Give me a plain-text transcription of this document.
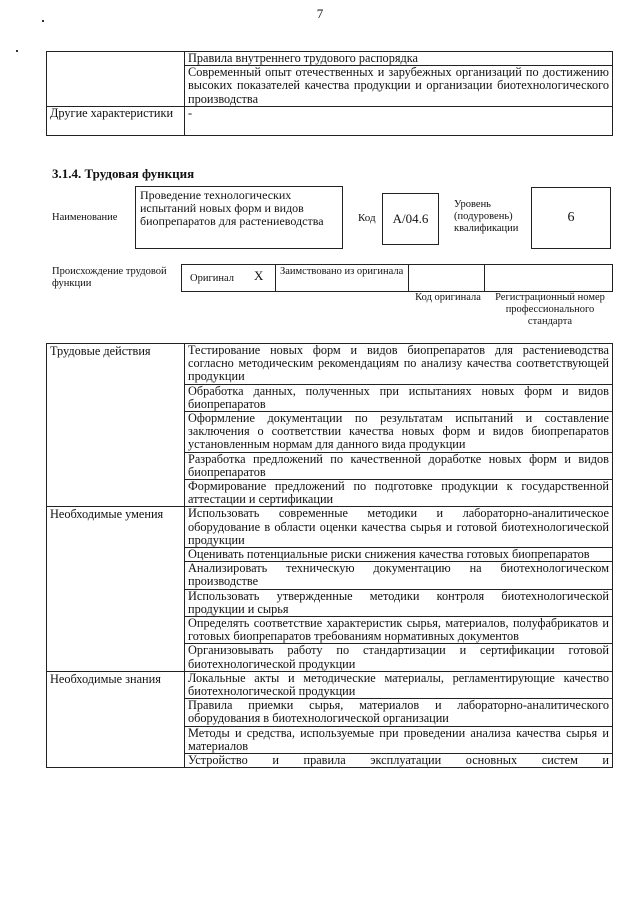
7
	Правила внутреннего трудового распорядка
	Современный опыт отечественных и зарубежных организаций по достижению высоких показателей качества продукции и организации биотехнологического производства
Другие характеристики	-
3.1.4. Трудовая функция
Наименование
Проведение технологических испытаний новых форм и видов биопрепаратов для растениеводства	Код	А/04.6
Уровень (подуровень) квалификации
6
Происхождение трудовой функции	Оригинал X	Заимствовано из оригинала
Код оригинала	Регистрационный номер профессионального стандарта
Трудовые действия	Тестирование новых форм и видов биопрепаратов для растениеводства согласно методическим рекомендациям по анализу качества соответствующей продукции
	Обработка данных, полученных при испытаниях новых форм и видов биопрепаратов
	Оформление документации по результатам испытаний и составление заключения о соответствии качества новых форм и видов биопрепаратов установленным нормам для данного вида продукции
	Разработка предложений по качественной доработке новых форм и видов биопрепаратов
	Формирование предложений по подготовке продукции к государственной аттестации и сертификации
Необходимые умения	Использовать современные методики и лабораторно-аналитическое оборудование в области оценки качества сырья и готовой биотехнологической продукции
	Оценивать потенциальные риски снижения качества готовых биопрепаратов
	Анализировать техническую документацию на биотехнологическом производстве
	Использовать утвержденные методики контроля биотехнологической продукции и сырья
	Определять соответствие характеристик сырья, материалов, полуфабрикатов и готовых биопрепаратов требованиям нормативных документов
	Организовывать работу по стандартизации и сертификации готовой биотехнологической продукции
Необходимые знания	Локальные акты и методические материалы, регламентирующие качество биотехнологической продукции
	Правила приемки сырья, материалов и лабораторно-аналитического оборудования в биотехнологической организации
	Методы и средства, используемые при проведении анализа качества сырья и материалов
	Устройство и правила эксплуатации основных систем и
